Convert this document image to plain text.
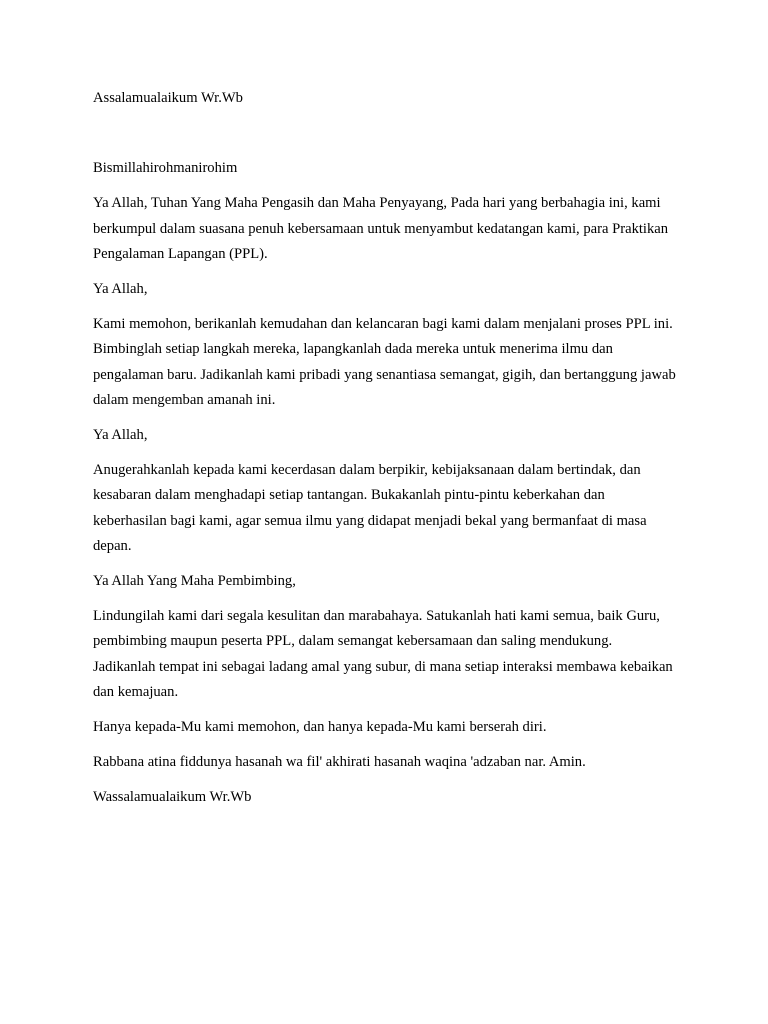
Assalamualaikum Wr.Wb

Bismillahirohmanirohim

Ya Allah, Tuhan Yang Maha Pengasih dan Maha Penyayang, Pada hari yang berbahagia ini, kami berkumpul dalam suasana penuh kebersamaan untuk menyambut kedatangan kami, para Praktikan Pengalaman Lapangan (PPL).

Ya Allah,

Kami memohon, berikanlah kemudahan dan kelancaran bagi kami dalam menjalani proses PPL ini. Bimbinglah setiap langkah mereka, lapangkanlah dada mereka untuk menerima ilmu dan pengalaman baru. Jadikanlah kami pribadi yang senantiasa semangat, gigih, dan bertanggung jawab dalam mengemban amanah ini.

Ya Allah,

Anugerahkanlah kepada kami kecerdasan dalam berpikir, kebijaksanaan dalam bertindak, dan kesabaran dalam menghadapi setiap tantangan. Bukakanlah pintu-pintu keberkahan dan keberhasilan bagi kami, agar semua ilmu yang didapat menjadi bekal yang bermanfaat di masa depan.

Ya Allah Yang Maha Pembimbing,

Lindungilah kami dari segala kesulitan dan marabahaya. Satukanlah hati kami semua, baik Guru, pembimbing maupun peserta PPL, dalam semangat kebersamaan dan saling mendukung. Jadikanlah tempat ini sebagai ladang amal yang subur, di mana setiap interaksi membawa kebaikan dan kemajuan.

Hanya kepada-Mu kami memohon, dan hanya kepada-Mu kami berserah diri.

Rabbana atina fiddunya hasanah wa fil' akhirati hasanah waqina 'adzaban nar. Amin.

Wassalamualaikum Wr.Wb
